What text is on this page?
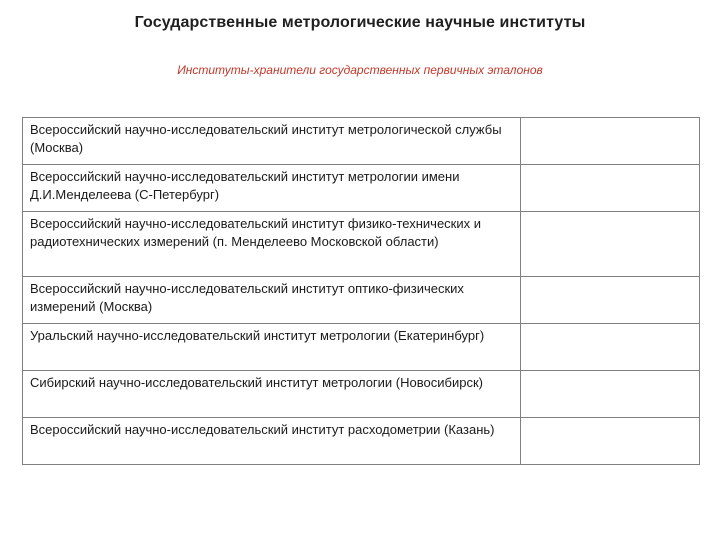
Государственные метрологические научные институты
Институты-хранители государственных первичных эталонов
Всероссийский научно-исследовательский институт метрологической службы (Москва)	
Всероссийский научно-исследовательский институт метрологии имени Д.И.Менделеева (С-Петербург)	
Всероссийский научно-исследовательский институт физико-технических и радиотехнических измерений (п. Менделеево Московской области)	
Всероссийский научно-исследовательский институт оптико-физических измерений (Москва)	
Уральский научно-исследовательский институт метрологии (Екатеринбург)	
Сибирский научно-исследовательский институт метрологии (Новосибирск)	
Всероссийский научно-исследовательский институт расходометрии (Казань)	
